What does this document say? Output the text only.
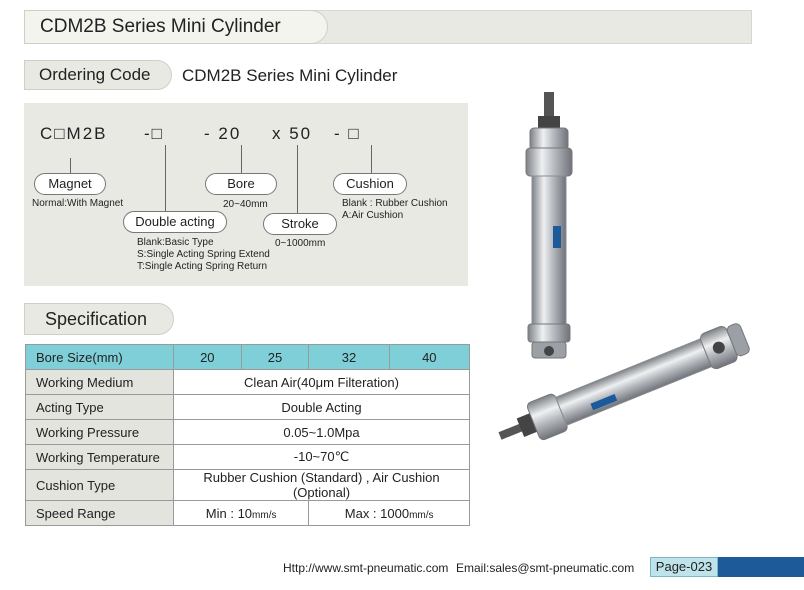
CDM2B Series Mini Cylinder
Ordering Code	CDM2B Series Mini Cylinder
C□M2B -□ - 20 x 50 - □
Magnet
Normal:With Magnet
Bore
20~40mm
Cushion
Blank : Rubber Cushion
A:Air Cushion
Double acting
Blank:Basic Type
S:Single Acting Spring Extend
T:Single Acting Spring Return
Stroke
0~1000mm
Specification
Bore Size(mm)	20	25	32	40
Working Medium	Clean Air(40μm Filteration)			
Acting Type	Double Acting			
Working Pressure	0.05~1.0Mpa			
Working Temperature	-10~70℃			
Cushion Type	Rubber Cushion (Standard) , Air Cushion (Optional)			
Speed Range	Min : 10mm/s		Max : 1000mm/s	
Http://www.smt-pneumatic.com Email:sales@smt-pneumatic.com	Page-023
